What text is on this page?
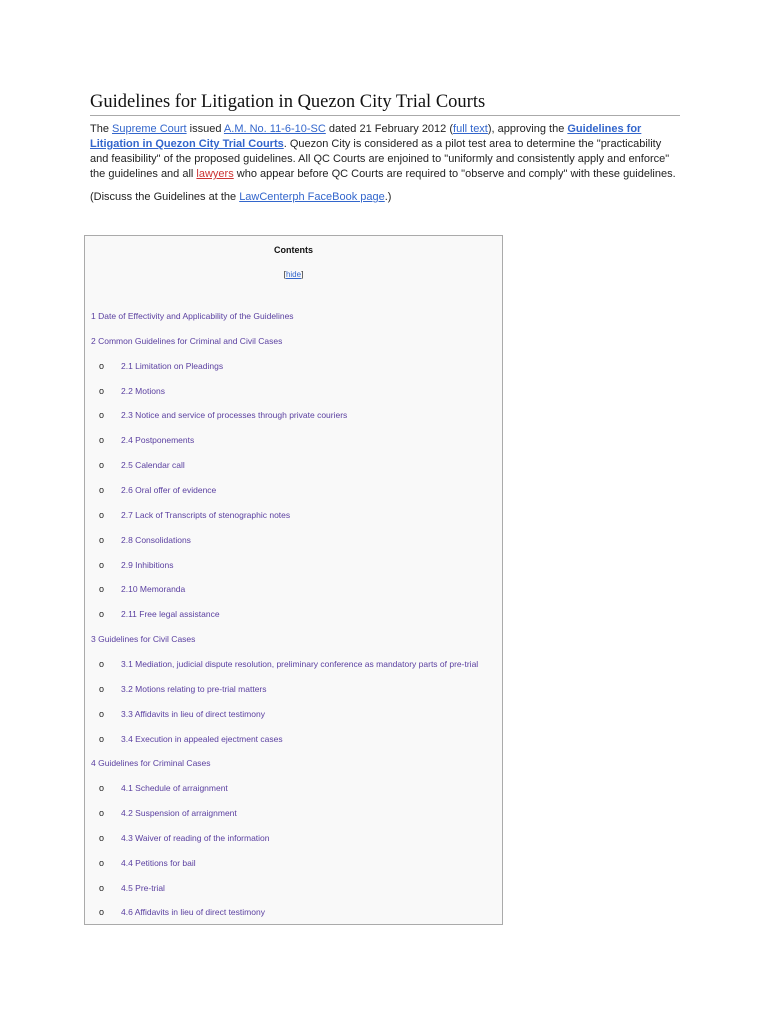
Guidelines for Litigation in Quezon City Trial Courts

The Supreme Court issued A.M. No. 11-6-10-SC dated 21 February 2012 (full text), approving the Guidelines for Litigation in Quezon City Trial Courts. Quezon City is considered as a pilot test area to determine the "practicability and feasibility" of the proposed guidelines. All QC Courts are enjoined to "uniformly and consistently apply and enforce" the guidelines and all lawyers who appear before QC Courts are required to "observe and comply" with these guidelines.

(Discuss the Guidelines at the LawCenterph FaceBook page.)

Contents
[hide]
1 Date of Effectivity and Applicability of the Guidelines
2 Common Guidelines for Criminal and Civil Cases
o 2.1 Limitation on Pleadings
o 2.2 Motions
o 2.3 Notice and service of processes through private couriers
o 2.4 Postponements
o 2.5 Calendar call
o 2.6 Oral offer of evidence
o 2.7 Lack of Transcripts of stenographic notes
o 2.8 Consolidations
o 2.9 Inhibitions
o 2.10 Memoranda
o 2.11 Free legal assistance
3 Guidelines for Civil Cases
o 3.1 Mediation, judicial dispute resolution, preliminary conference as mandatory parts of pre-trial
o 3.2 Motions relating to pre-trial matters
o 3.3 Affidavits in lieu of direct testimony
o 3.4 Execution in appealed ejectment cases
4 Guidelines for Criminal Cases
o 4.1 Schedule of arraignment
o 4.2 Suspension of arraignment
o 4.3 Waiver of reading of the information
o 4.4 Petitions for bail
o 4.5 Pre-trial
o 4.6 Affidavits in lieu of direct testimony
